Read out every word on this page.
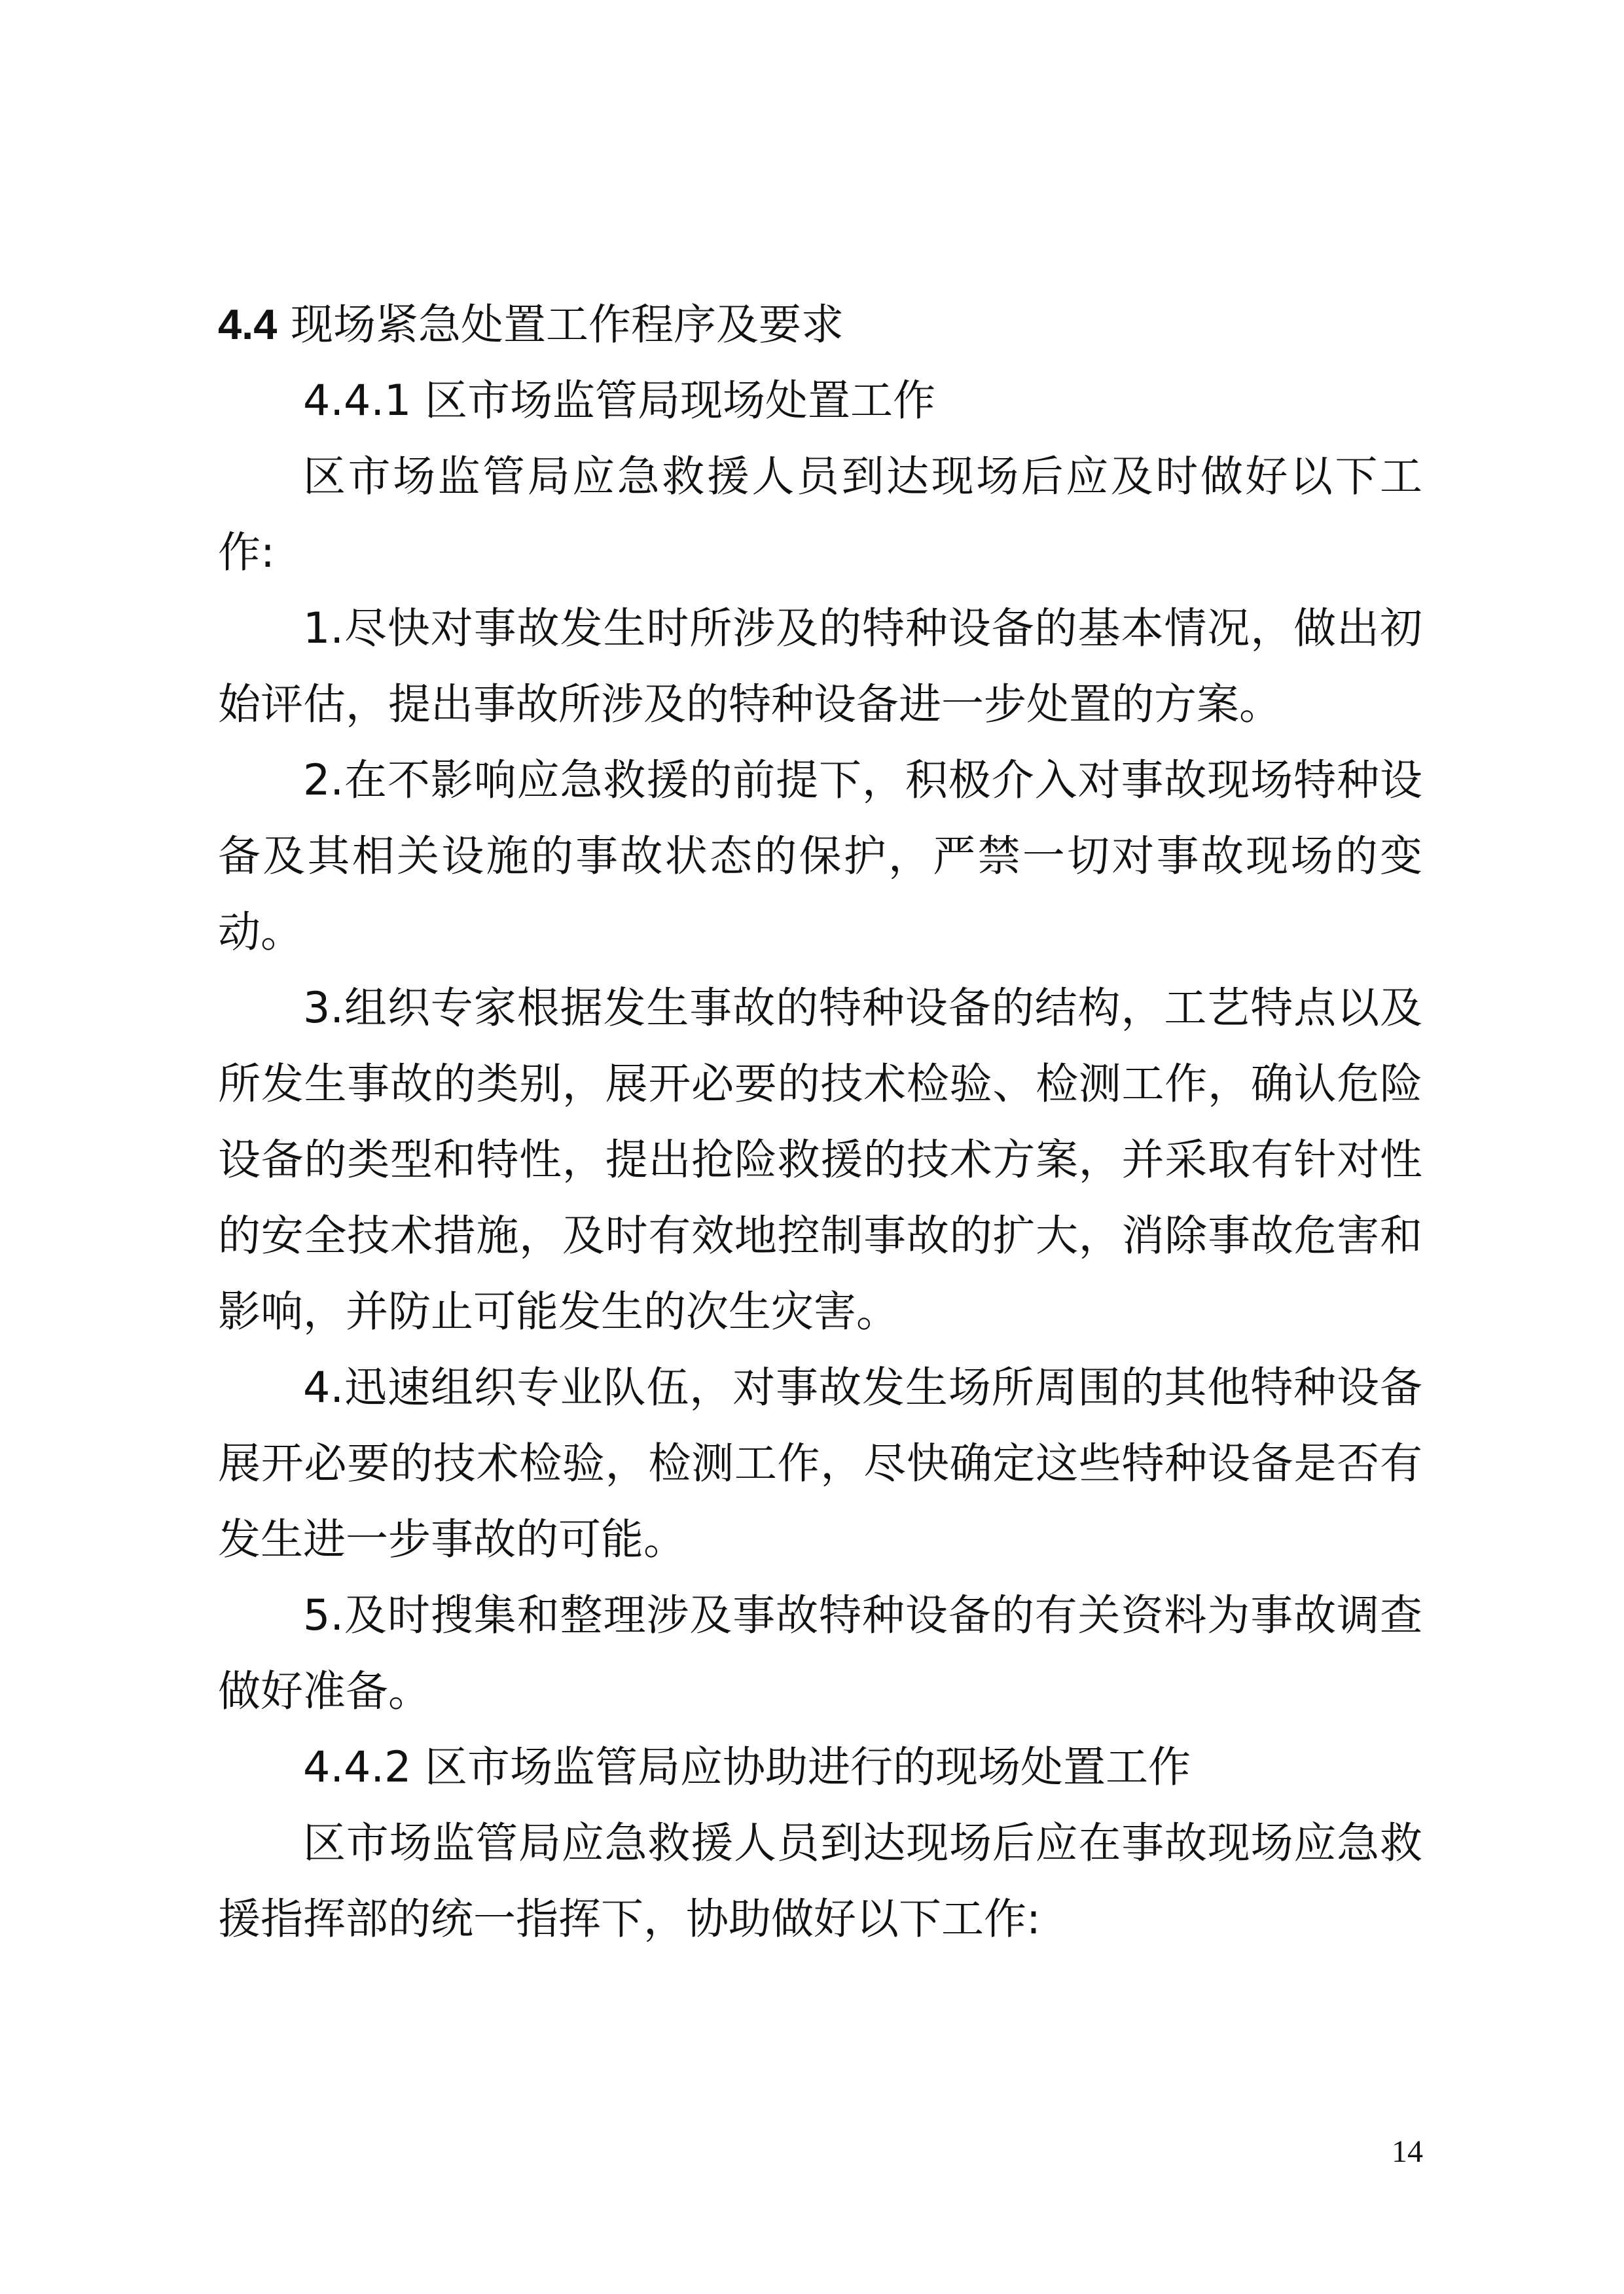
4.4 现场紧急处置工作程序及要求

4.4.1 区市场监管局现场处置工作

区市场监管局应急救援人员到达现场后应及时做好以下工作:

1.尽快对事故发生时所涉及的特种设备的基本情况，做出初始评估，提出事故所涉及的特种设备进一步处置的方案。

2.在不影响应急救援的前提下，积极介入对事故现场特种设备及其相关设施的事故状态的保护，严禁一切对事故现场的变动。

3.组织专家根据发生事故的特种设备的结构，工艺特点以及所发生事故的类别，展开必要的技术检验、检测工作，确认危险设备的类型和特性，提出抢险救援的技术方案，并采取有针对性的安全技术措施，及时有效地控制事故的扩大，消除事故危害和影响，并防止可能发生的次生灾害。

4.迅速组织专业队伍，对事故发生场所周围的其他特种设备展开必要的技术检验，检测工作，尽快确定这些特种设备是否有发生进一步事故的可能。

5.及时搜集和整理涉及事故特种设备的有关资料为事故调查做好准备。

4.4.2 区市场监管局应协助进行的现场处置工作

区市场监管局应急救援人员到达现场后应在事故现场应急救援指挥部的统一指挥下，协助做好以下工作:

14
